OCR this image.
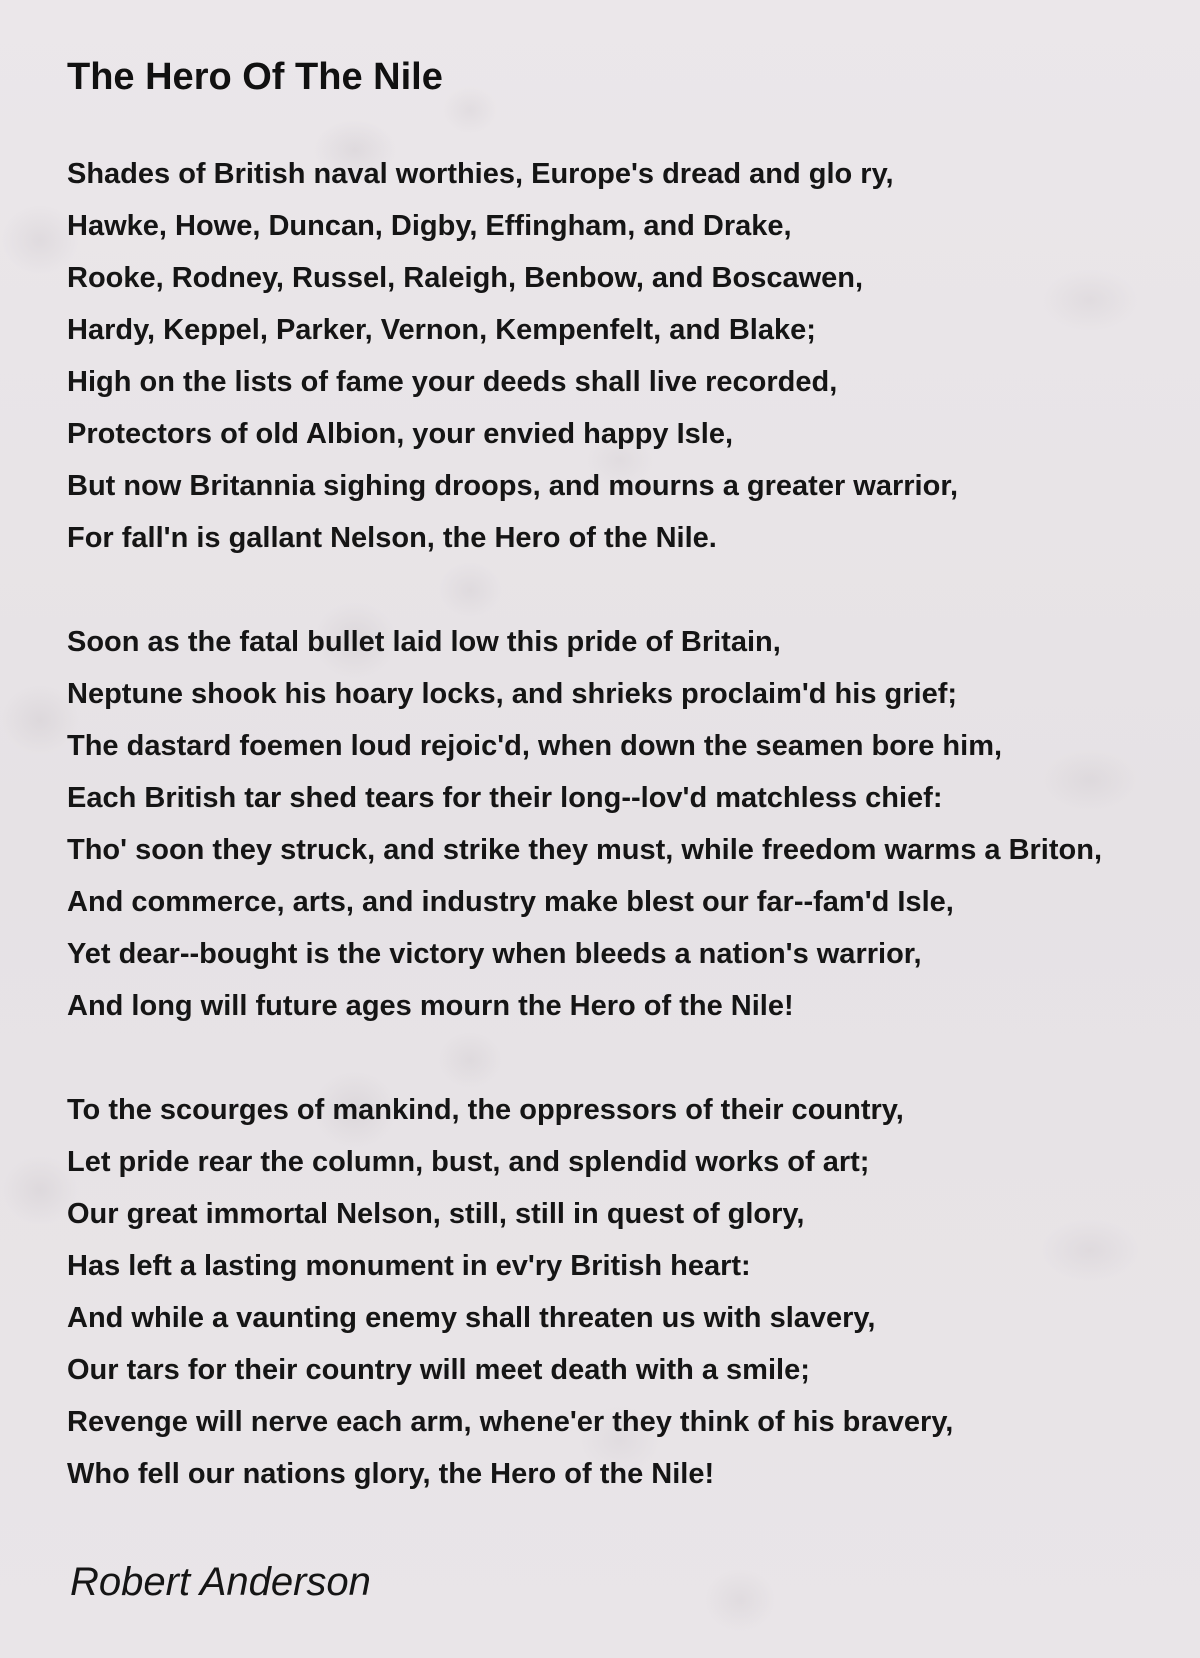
The Hero Of The Nile
Shades of British naval worthies, Europe's dread and glo ry,
Hawke, Howe, Duncan, Digby, Effingham, and Drake,
Rooke, Rodney, Russel, Raleigh, Benbow, and Boscawen,
Hardy, Keppel, Parker, Vernon, Kempenfelt, and Blake;
High on the lists of fame your deeds shall live recorded,
Protectors of old Albion, your envied happy Isle,
But now Britannia sighing droops, and mourns a greater warrior,
For fall'n is gallant Nelson, the Hero of the Nile.
Soon as the fatal bullet laid low this pride of Britain,
Neptune shook his hoary locks, and shrieks proclaim'd his grief;
The dastard foemen loud rejoic'd, when down the seamen bore him,
Each British tar shed tears for their long--lov'd matchless chief:
Tho' soon they struck, and strike they must, while freedom warms a Briton,
And commerce, arts, and industry make blest our far--fam'd Isle,
Yet dear--bought is the victory when bleeds a nation's warrior,
And long will future ages mourn the Hero of the Nile!
To the scourges of mankind, the oppressors of their country,
Let pride rear the column, bust, and splendid works of art;
Our great immortal Nelson, still, still in quest of glory,
Has left a lasting monument in ev'ry British heart:
And while a vaunting enemy shall threaten us with slavery,
Our tars for their country will meet death with a smile;
Revenge will nerve each arm, whene'er they think of his bravery,
Who fell our nations glory, the Hero of the Nile!
Robert Anderson
